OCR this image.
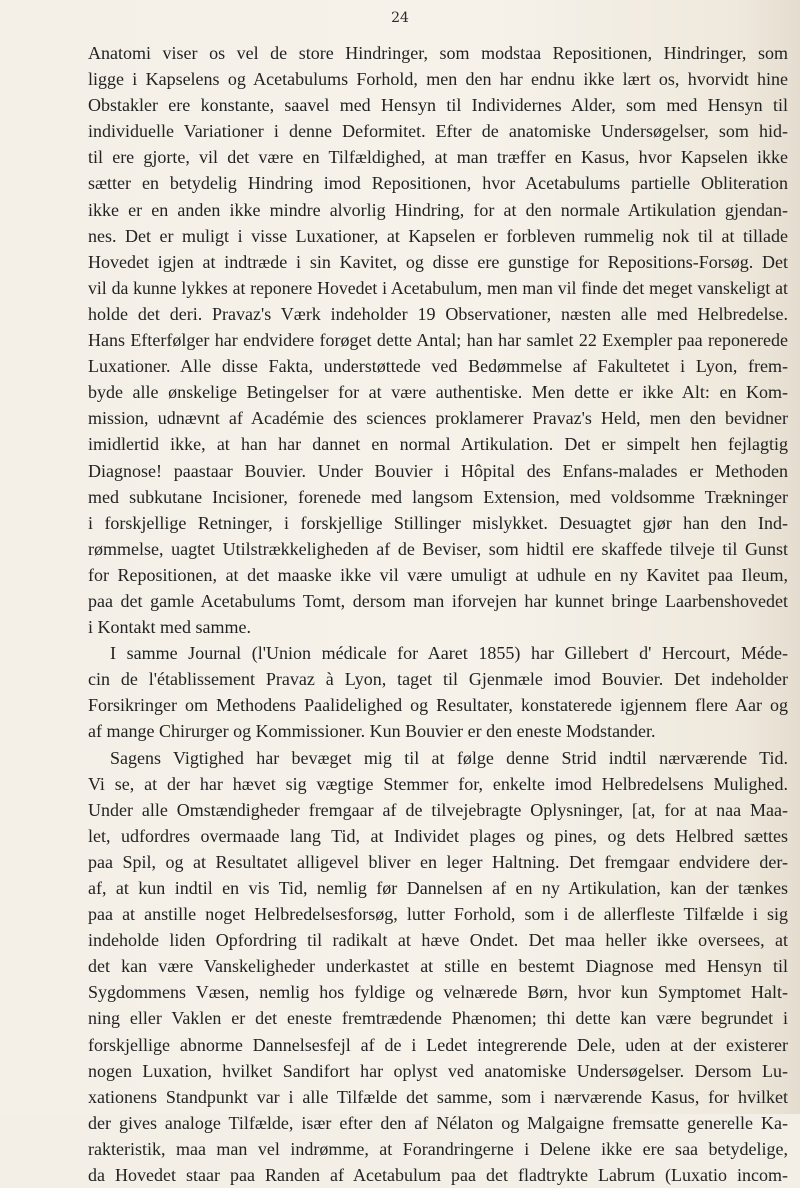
24
Anatomi viser os vel de store Hindringer, som modstaa Repositionen, Hindringer, som
ligge i Kapselens og Acetabulums Forhold, men den har endnu ikke lært os, hvorvidt hine
Obstakler ere konstante, saavel med Hensyn til Individernes Alder, som med Hensyn til
individuelle Variationer i denne Deformitet. Efter de anatomiske Undersøgelser, som hid-
til ere gjorte, vil det være en Tilfældighed, at man træffer en Kasus, hvor Kapselen ikke
sætter en betydelig Hindring imod Repositionen, hvor Acetabulums partielle Obliteration
ikke er en anden ikke mindre alvorlig Hindring, for at den normale Artikulation gjendan-
nes. Det er muligt i visse Luxationer, at Kapselen er forbleven rummelig nok til at tillade
Hovedet igjen at indtræde i sin Kavitet, og disse ere gunstige for Repositions-Forsøg. Det
vil da kunne lykkes at reponere Hovedet i Acetabulum, men man vil finde det meget vanskeligt at
holde det deri. Pravaz's Værk indeholder 19 Observationer, næsten alle med Helbredelse.
Hans Efterfølger har endvidere forøget dette Antal; han har samlet 22 Exempler paa reponerede
Luxationer. Alle disse Fakta, understøttede ved Bedømmelse af Fakultetet i Lyon, frem-
byde alle ønskelige Betingelser for at være authentiske. Men dette er ikke Alt: en Kom-
mission, udnævnt af Académie des sciences proklamerer Pravaz's Held, men den bevidner
imidlertid ikke, at han har dannet en normal Artikulation. Det er simpelt hen fejlagtig
Diagnose! paastaar Bouvier. Under Bouvier i Hôpital des Enfans-malades er Methoden
med subkutane Incisioner, forenede med langsom Extension, med voldsomme Trækninger
i forskjellige Retninger, i forskjellige Stillinger mislykket. Desuagtet gjør han den Ind-
rømmelse, uagtet Utilstrækkeligheden af de Beviser, som hidtil ere skaffede tilveje til Gunst
for Repositionen, at det maaske ikke vil være umuligt at udhule en ny Kavitet paa Ileum,
paa det gamle Acetabulums Tomt, dersom man iforvejen har kunnet bringe Laarbenshovedet
i Kontakt med samme.
I samme Journal (l'Union médicale for Aaret 1855) har Gillebert d' Hercourt, Méde-
cin de l'établissement Pravaz à Lyon, taget til Gjenmæle imod Bouvier. Det indeholder
Forsikringer om Methodens Paalidelighed og Resultater, konstaterede igjennem flere Aar og
af mange Chirurger og Kommissioner. Kun Bouvier er den eneste Modstander.
Sagens Vigtighed har bevæget mig til at følge denne Strid indtil nærværende Tid.
Vi se, at der har hævet sig vægtige Stemmer for, enkelte imod Helbredelsens Mulighed.
Under alle Omstændigheder fremgaar af de tilvejebragte Oplysninger, [at, for at naa Maa-
let, udfordres overmaade lang Tid, at Individet plages og pines, og dets Helbred sættes
paa Spil, og at Resultatet alligevel bliver en leger Haltning. Det fremgaar endvidere der-
af, at kun indtil en vis Tid, nemlig før Dannelsen af en ny Artikulation, kan der tænkes
paa at anstille noget Helbredelsesforsøg, lutter Forhold, som i de allerfleste Tilfælde i sig
indeholde liden Opfordring til radikalt at hæve Ondet. Det maa heller ikke oversees, at
det kan være Vanskeligheder underkastet at stille en bestemt Diagnose med Hensyn til
Sygdommens Væsen, nemlig hos fyldige og velnærede Børn, hvor kun Symptomet Halt-
ning eller Vaklen er det eneste fremtrædende Phænomen; thi dette kan være begrundet i
forskjellige abnorme Dannelsesfejl af de i Ledet integrerende Dele, uden at der existerer
nogen Luxation, hvilket Sandifort har oplyst ved anatomiske Undersøgelser. Dersom Lu-
xationens Standpunkt var i alle Tilfælde det samme, som i nærværende Kasus, for hvilket
der gives analoge Tilfælde, især efter den af Nélaton og Malgaigne fremsatte generelle Ka-
rakteristik, maa man vel indrømme, at Forandringerne i Delene ikke ere saa betydelige,
da Hovedet staar paa Randen af Acetabulum paa det fladtrykte Labrum (Luxatio incom-
